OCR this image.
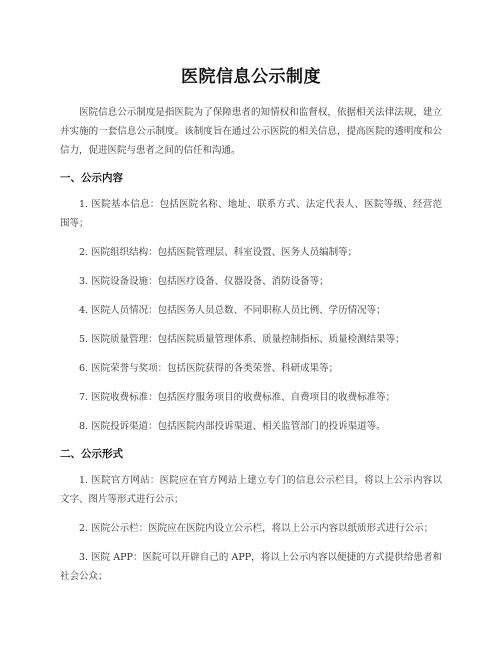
医院信息公示制度

医院信息公示制度是指医院为了保障患者的知情权和监督权，依据相关法律法规，建立并实施的一套信息公示制度。该制度旨在通过公示医院的相关信息，提高医院的透明度和公信力，促进医院与患者之间的信任和沟通。

一、公示内容

1. 医院基本信息：包括医院名称、地址、联系方式、法定代表人、医院等级、经营范围等；

2. 医院组织结构：包括医院管理层、科室设置、医务人员编制等；

3. 医院设备设施：包括医疗设备、仪器设备、消防设备等；

4. 医院人员情况：包括医务人员总数、不同职称人员比例、学历情况等；

5. 医院质量管理：包括医院质量管理体系、质量控制指标、质量检测结果等；

6. 医院荣誉与奖项：包括医院获得的各类荣誉、科研成果等；

7. 医院收费标准：包括医疗服务项目的收费标准、自费项目的收费标准等；

8. 医院投诉渠道：包括医院内部投诉渠道、相关监管部门的投诉渠道等。

二、公示形式

1. 医院官方网站：医院应在官方网站上建立专门的信息公示栏目，将以上公示内容以文字、图片等形式进行公示；

2. 医院公示栏：医院应在医院内设立公示栏，将以上公示内容以纸质形式进行公示；

3. 医院 APP：医院可以开辟自己的 APP，将以上公示内容以便捷的方式提供给患者和社会公众；
